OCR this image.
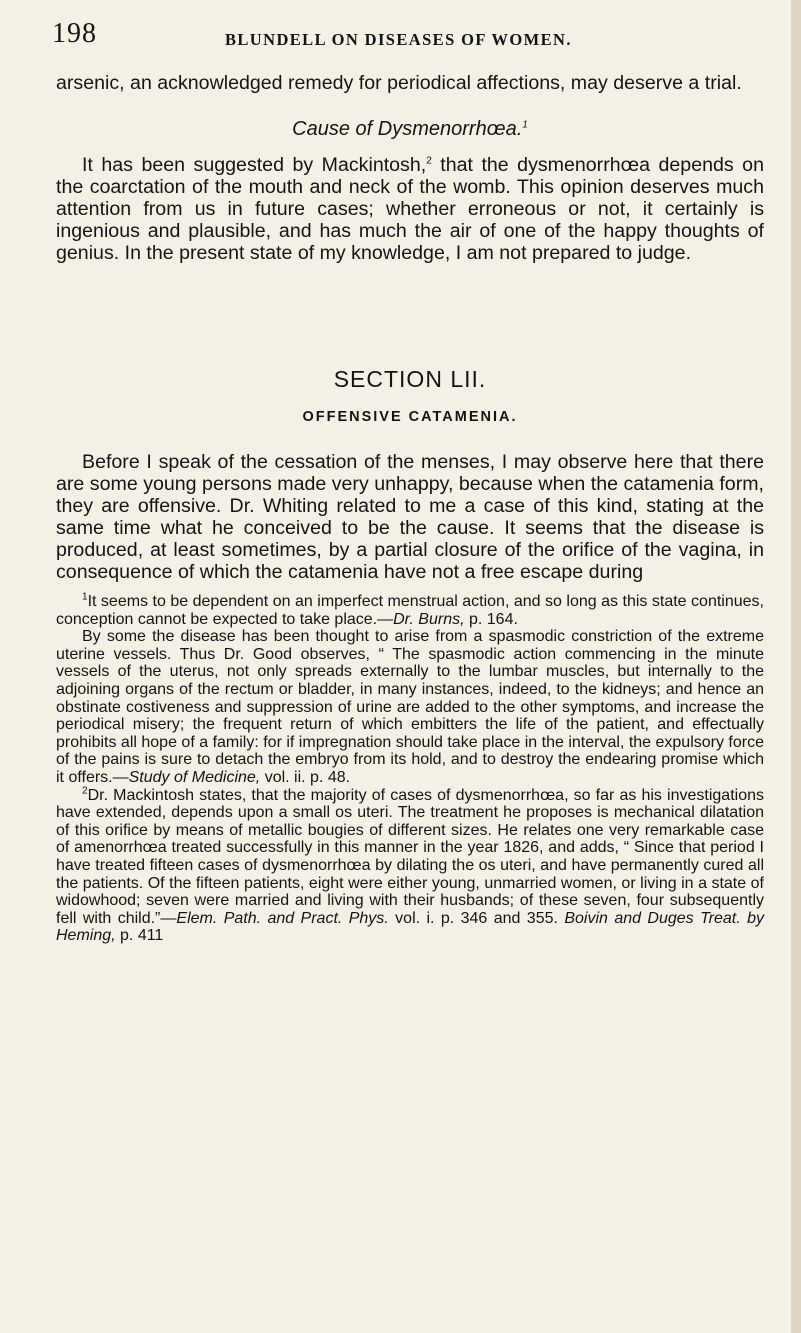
198	BLUNDELL ON DISEASES OF WOMEN.

arsenic, an acknowledged remedy for periodical affections, may deserve a trial.

Cause of Dysmenorrhœa.$^1$

It has been suggested by Mackintosh,$^2$ that the dysmenorrhœa depends on the coarctation of the mouth and neck of the womb. This opinion deserves much attention from us in future cases; whether erroneous or not, it certainly is ingenious and plausible, and has much the air of one of the happy thoughts of genius. In the present state of my knowledge, I am not prepared to judge.

SECTION LII.
OFFENSIVE CATAMENIA.

Before I speak of the cessation of the menses, I may observe here that there are some young persons made very unhappy, because when the catamenia form, they are offensive. Dr. Whiting related to me a case of this kind, stating at the same time what he conceived to be the cause. It seems that the disease is produced, at least sometimes, by a partial closure of the orifice of the vagina, in consequence of which the catamenia have not a free escape during

$^1$It seems to be dependent on an imperfect menstrual action, and so long as this state continues, conception cannot be expected to take place.—Dr. Burns, p. 164.

By some the disease has been thought to arise from a spasmodic constriction of the extreme uterine vessels. Thus Dr. Good observes, “ The spasmodic action commencing in the minute vessels of the uterus, not only spreads externally to the lumbar muscles, but internally to the adjoining organs of the rectum or bladder, in many instances, indeed, to the kidneys; and hence an obstinate costiveness and suppression of urine are added to the other symptoms, and increase the periodical misery; the frequent return of which embitters the life of the patient, and effectually prohibits all hope of a family: for if impregnation should take place in the interval, the expulsory force of the pains is sure to detach the embryo from its hold, and to destroy the endearing promise which it offers.—Study of Medicine, vol. ii. p. 48.

$^2$Dr. Mackintosh states, that the majority of cases of dysmenorrhœa, so far as his investigations have extended, depends upon a small os uteri. The treatment he proposes is mechanical dilatation of this orifice by means of metallic bougies of different sizes. He relates one very remarkable case of amenorrhœa treated successfully in this manner in the year 1826, and adds, “ Since that period I have treated fifteen cases of dysmenorrhœa by dilating the os uteri, and have permanently cured all the patients. Of the fifteen patients, eight were either young, unmarried women, or living in a state of widowhood; seven were married and living with their husbands; of these seven, four subsequently fell with child.”—Elem. Path. and Pract. Phys. vol. i. p. 346 and 355. Boivin and Duges Treat. by Heming, p. 411
